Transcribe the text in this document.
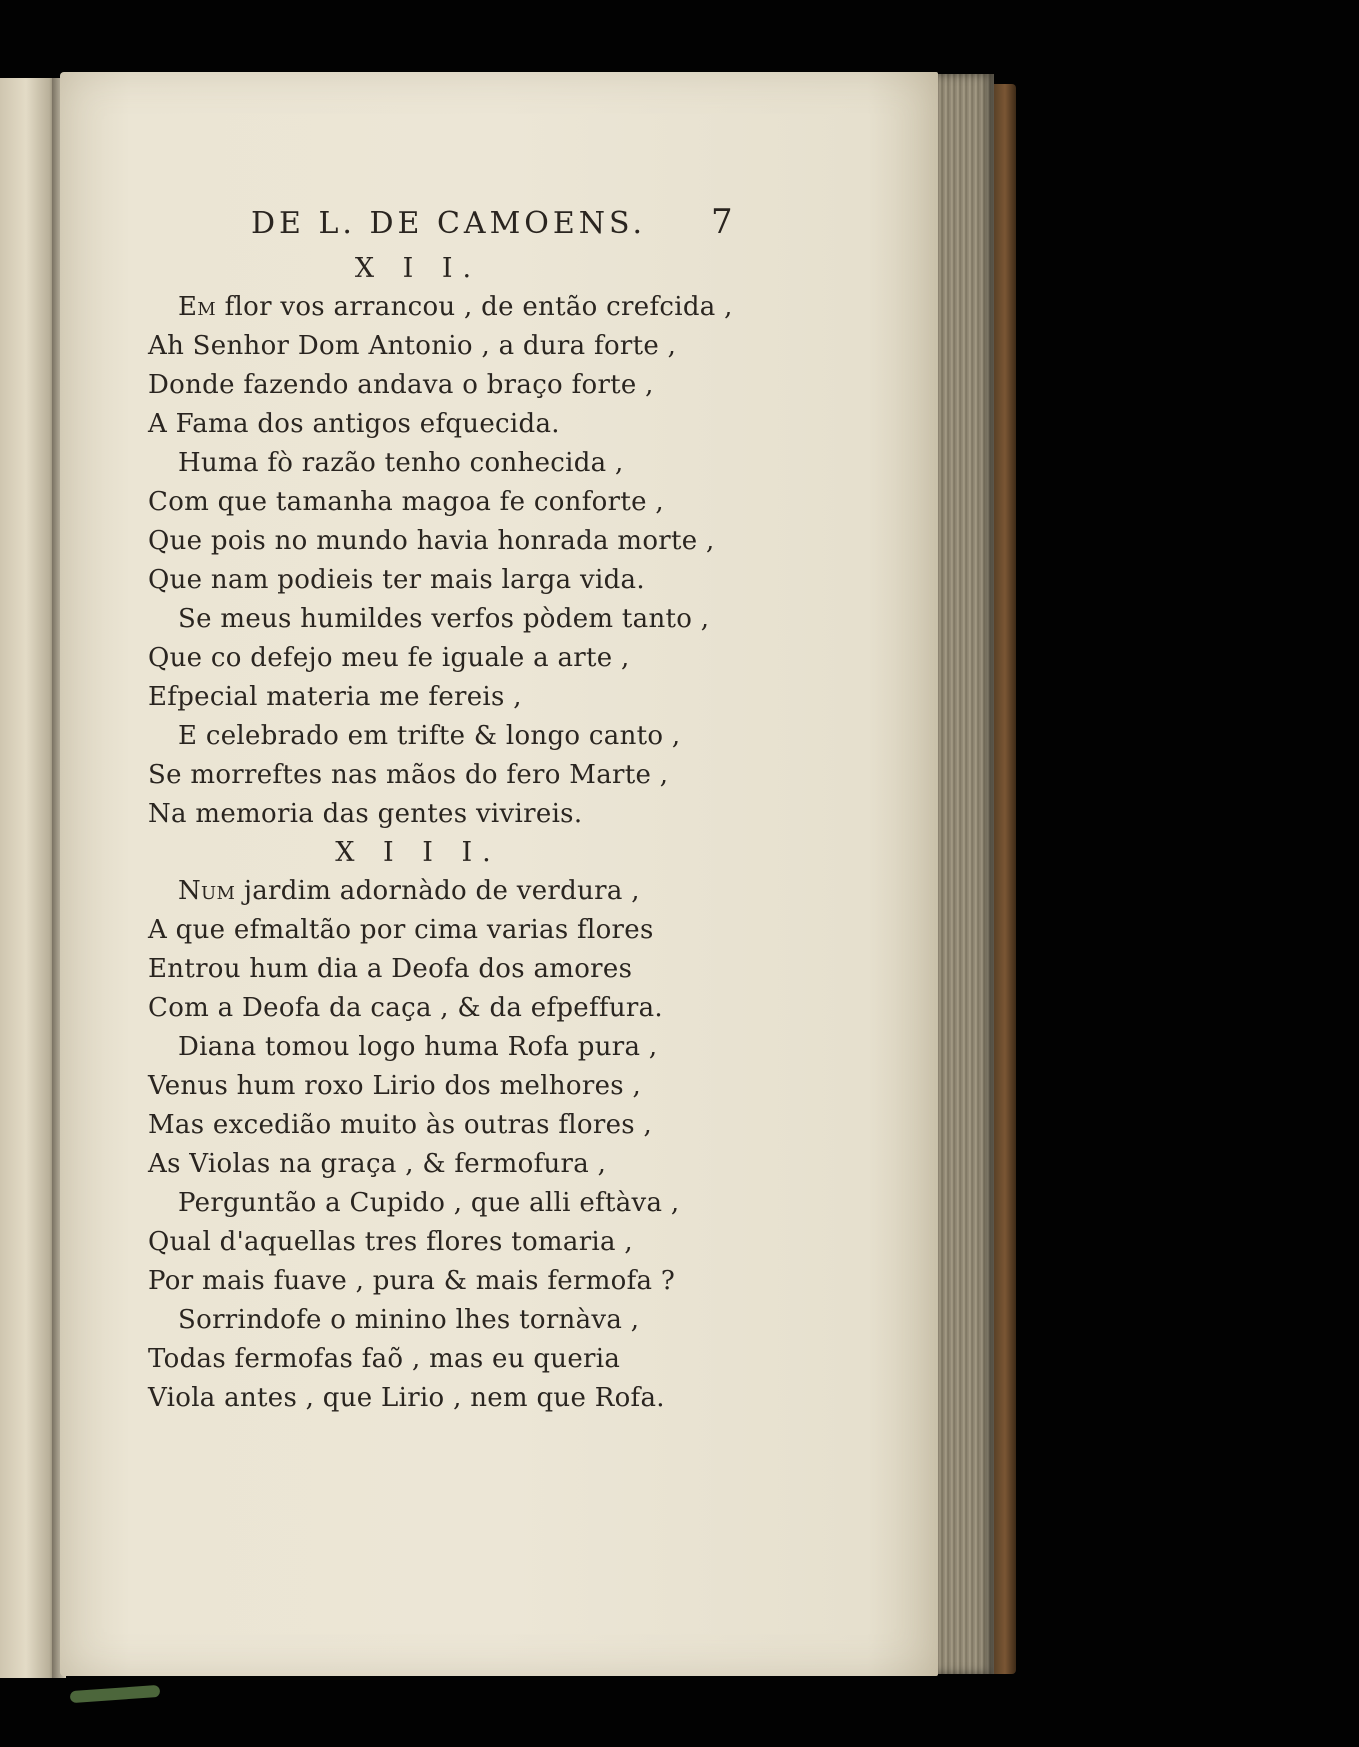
DE L. DE CAMOENS. 7
X I I.
Em flor vos arrancou , de então crefcida ,
Ah Senhor Dom Antonio , a dura forte ,
Donde fazendo andava o braço forte ,
A Fama dos antigos efquecida.
Huma fò razão tenho conhecida ,
Com que tamanha magoa fe conforte ,
Que pois no mundo havia honrada morte ,
Que nam podieis ter mais larga vida.
Se meus humildes verfos pòdem tanto ,
Que co defejo meu fe iguale a arte ,
Efpecial materia me fereis ,
E celebrado em trifte & longo canto ,
Se morreftes nas mãos do fero Marte ,
Na memoria das gentes vivireis.
X I I I.
Num jardim adornàdo de verdura ,
A que efmaltão por cima varias flores
Entrou hum dia a Deofa dos amores
Com a Deofa da caça , & da efpeffura.
Diana tomou logo huma Rofa pura ,
Venus hum roxo Lirio dos melhores ,
Mas excedião muito às outras flores ,
As Violas na graça , & fermofura ,
Perguntão a Cupido , que alli eftàva ,
Qual d'aquellas tres flores tomaria ,
Por mais fuave , pura & mais fermofa ?
Sorrindofe o minino lhes tornàva ,
Todas fermofas faõ , mas eu queria
Viola antes , que Lirio , nem que Rofa.
